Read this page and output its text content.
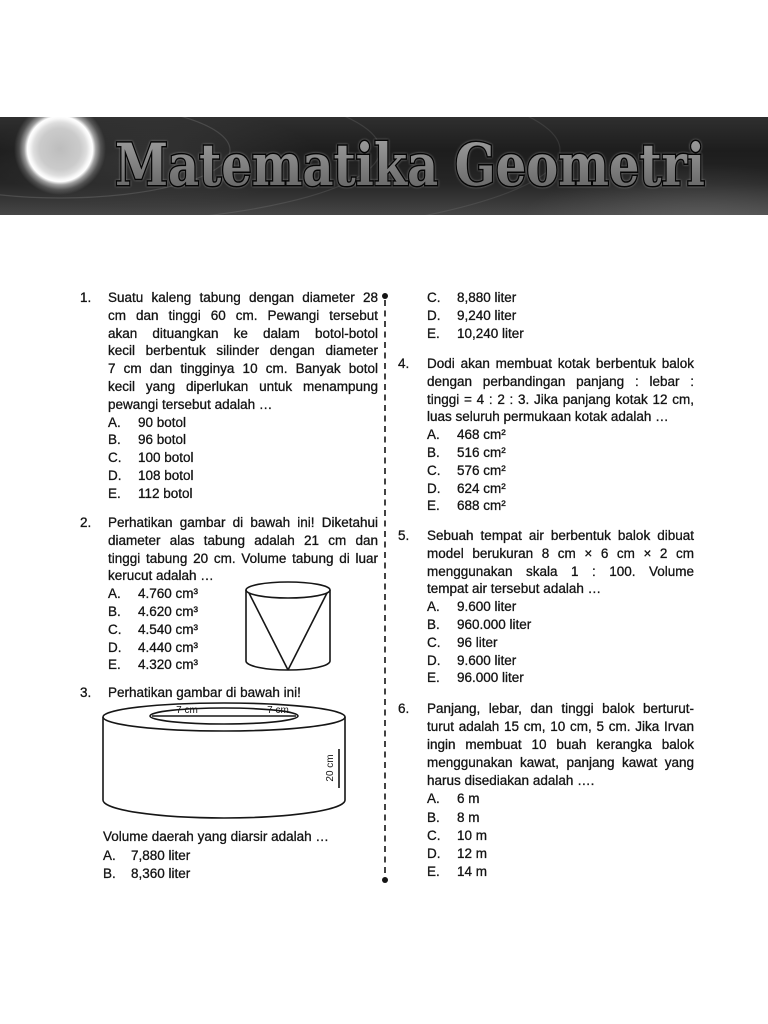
Matematika Geometri
1. Suatu kaleng tabung dengan diameter 28
cm dan tinggi 60 cm. Pewangi tersebut
akan dituangkan ke dalam botol-botol
kecil berbentuk silinder dengan diameter
7 cm dan tingginya 10 cm. Banyak botol
kecil yang diperlukan untuk menampung
pewangi tersebut adalah …
A. 90 botol
B. 96 botol
C. 100 botol
D. 108 botol
E. 112 botol
2. Perhatikan gambar di bawah ini! Diketahui
diameter alas tabung adalah 21 cm dan
tinggi tabung 20 cm. Volume tabung di luar
kerucut adalah …
A. 4.760 cm³
B. 4.620 cm³
C. 4.540 cm³
D. 4.440 cm³
E. 4.320 cm³
3. Perhatikan gambar di bawah ini!
7 cm	7 cm
20 cm
Volume daerah yang diarsir adalah …
A. 7,880 liter
B. 8,360 liter
C. 8,880 liter
D. 9,240 liter
E. 10,240 liter
4. Dodi akan membuat kotak berbentuk balok
dengan perbandingan panjang : lebar :
tinggi = 4 : 2 : 3. Jika panjang kotak 12 cm,
luas seluruh permukaan kotak adalah …
A. 468 cm²
B. 516 cm²
C. 576 cm²
D. 624 cm²
E. 688 cm²
5. Sebuah tempat air berbentuk balok dibuat
model berukuran 8 cm × 6 cm × 2 cm
menggunakan skala 1 : 100. Volume
tempat air tersebut adalah …
A. 9.600 liter
B. 960.000 liter
C. 96 liter
D. 9.600 liter
E. 96.000 liter
6. Panjang, lebar, dan tinggi balok berturut-
turut adalah 15 cm, 10 cm, 5 cm. Jika Irvan
ingin membuat 10 buah kerangka balok
menggunakan kawat, panjang kawat yang
harus disediakan adalah ….
A. 6 m
B. 8 m
C. 10 m
D. 12 m
E. 14 m
